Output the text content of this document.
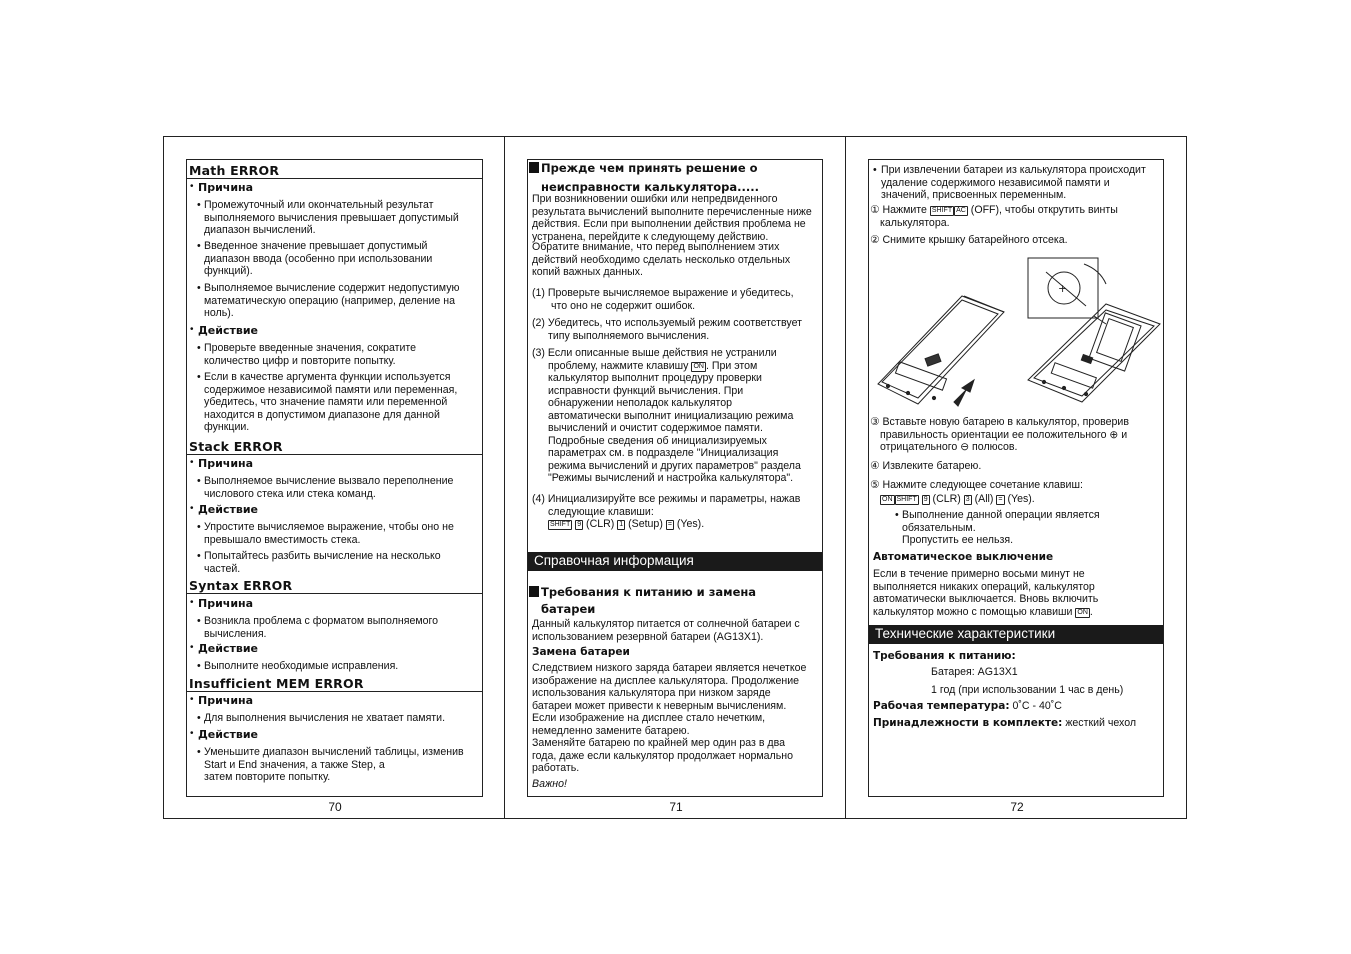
Math ERROR
• Причина
• Промежуточный или окончательный результат
выполняемого вычисления превышает допустимый
диапазон вычислений.
• Введенное значение превышает допустимый
диапазон ввода (особенно при использовании
функций).
• Выполняемое вычисление содержит недопустимую
математическую операцию (например, деление на
ноль).
• Действие
• Проверьте введенные значения, сократите
количество цифр и повторите попытку.
• Если в качестве аргумента функции используется
содержимое независимой памяти или переменная,
убедитесь, что значение памяти или переменной
находится в допустимом диапазоне для данной
функции.
Stack ERROR
• Причина
• Выполняемое вычисление вызвало переполнение
числового стека или стека команд.
• Действие
• Упростите вычисляемое выражение, чтобы оно не
превышало вместимость стека.
• Попытайтесь разбить вычисление на несколько
частей.
Syntax ERROR
• Причина
• Возникла проблема с форматом выполняемого
вычисления.
• Действие
• Выполните необходимые исправления.
Insufficient MEM ERROR
• Причина
• Для выполнения вычисления не хватает памяти.
• Действие
• Уменьшите диапазон вычислений таблицы, изменив
Start и End значения, а также Step, а
затем повторите попытку.
70
Прежде чем принять решение о
неисправности калькулятора.....
При возникновении ошибки или непредвиденного
результата вычислений выполните перечисленные ниже
действия. Если при выполнении действия проблема не
устранена, перейдите к следующему действию.
Обратите внимание, что перед выполнением этих
действий необходимо сделать несколько отдельных
копий важных данных.
(1) Проверьте вычисляемое выражение и убедитесь,
что оно не содержит ошибок.
(2) Убедитесь, что используемый режим соответствует
типу выполняемого вычисления.
(3) Если описанные выше действия не устранили
проблему, нажмите клавишу ON . При этом
калькулятор выполнит процедуру проверки
исправности функций вычисления. При
обнаружении неполадок калькулятор
автоматически выполнит инициализацию режима
вычислений и очистит содержимое памяти.
Подробные сведения об инициализируемых
параметрах см. в подразделе "Инициализация
режима вычислений и других параметров" раздела
"Режимы вычислений и настройка калькулятора".
(4) Инициализируйте все режимы и параметры, нажав
следующие клавиши:
SHIFT 9 (CLR) 1 (Setup) = (Yes).
Справочная информация
Требования к питанию и замена
батареи
Данный калькулятор питается от солнечной батареи с
использованием резервной батареи (AG13X1).
Замена батареи
Следствием низкого заряда батареи является нечеткое
изображение на дисплее калькулятора. Продолжение
использования калькулятора при низком заряде
батареи может привести к неверным вычислениям.
Если изображение на дисплее стало нечетким,
немедленно замените батарею.
Заменяйте батарею по крайней мер один раз в два
года, даже если калькулятор продолжает нормально
работать.
Важно!
71
• При извлечении батареи из калькулятора происходит
удаление содержимого независимой памяти и
значений, присвоенных переменным.
① Нажмите SHIFT AC (OFF), чтобы открутить винты
калькулятора.
② Снимите крышку батарейного отсека.
+
③ Вставьте новую батарею в калькулятор, проверив
правильность ориентации ее положительного ⊕ и
отрицательного ⊖ полюсов.
④ Извлеките батарею.
⑤ Нажмите следующее сочетание клавиш:
ON SHIFT 9 (CLR) 3 (All) = (Yes).
• Выполнение данной операции является
обязательным.
Пропустить ее нельзя.
Автоматическое выключение
Если в течение примерно восьми минут не
выполняется никаких операций, калькулятор
автоматически выключается. Вновь включить
калькулятор можно с помощью клавиши ON .
Технические характеристики
Требования к питанию:
Батарея: AG13X1
1 год (при использовании 1 час в день)
Рабочая температура: 0˚C - 40˚C
Принадлежности в комплекте: жесткий чехол
72
